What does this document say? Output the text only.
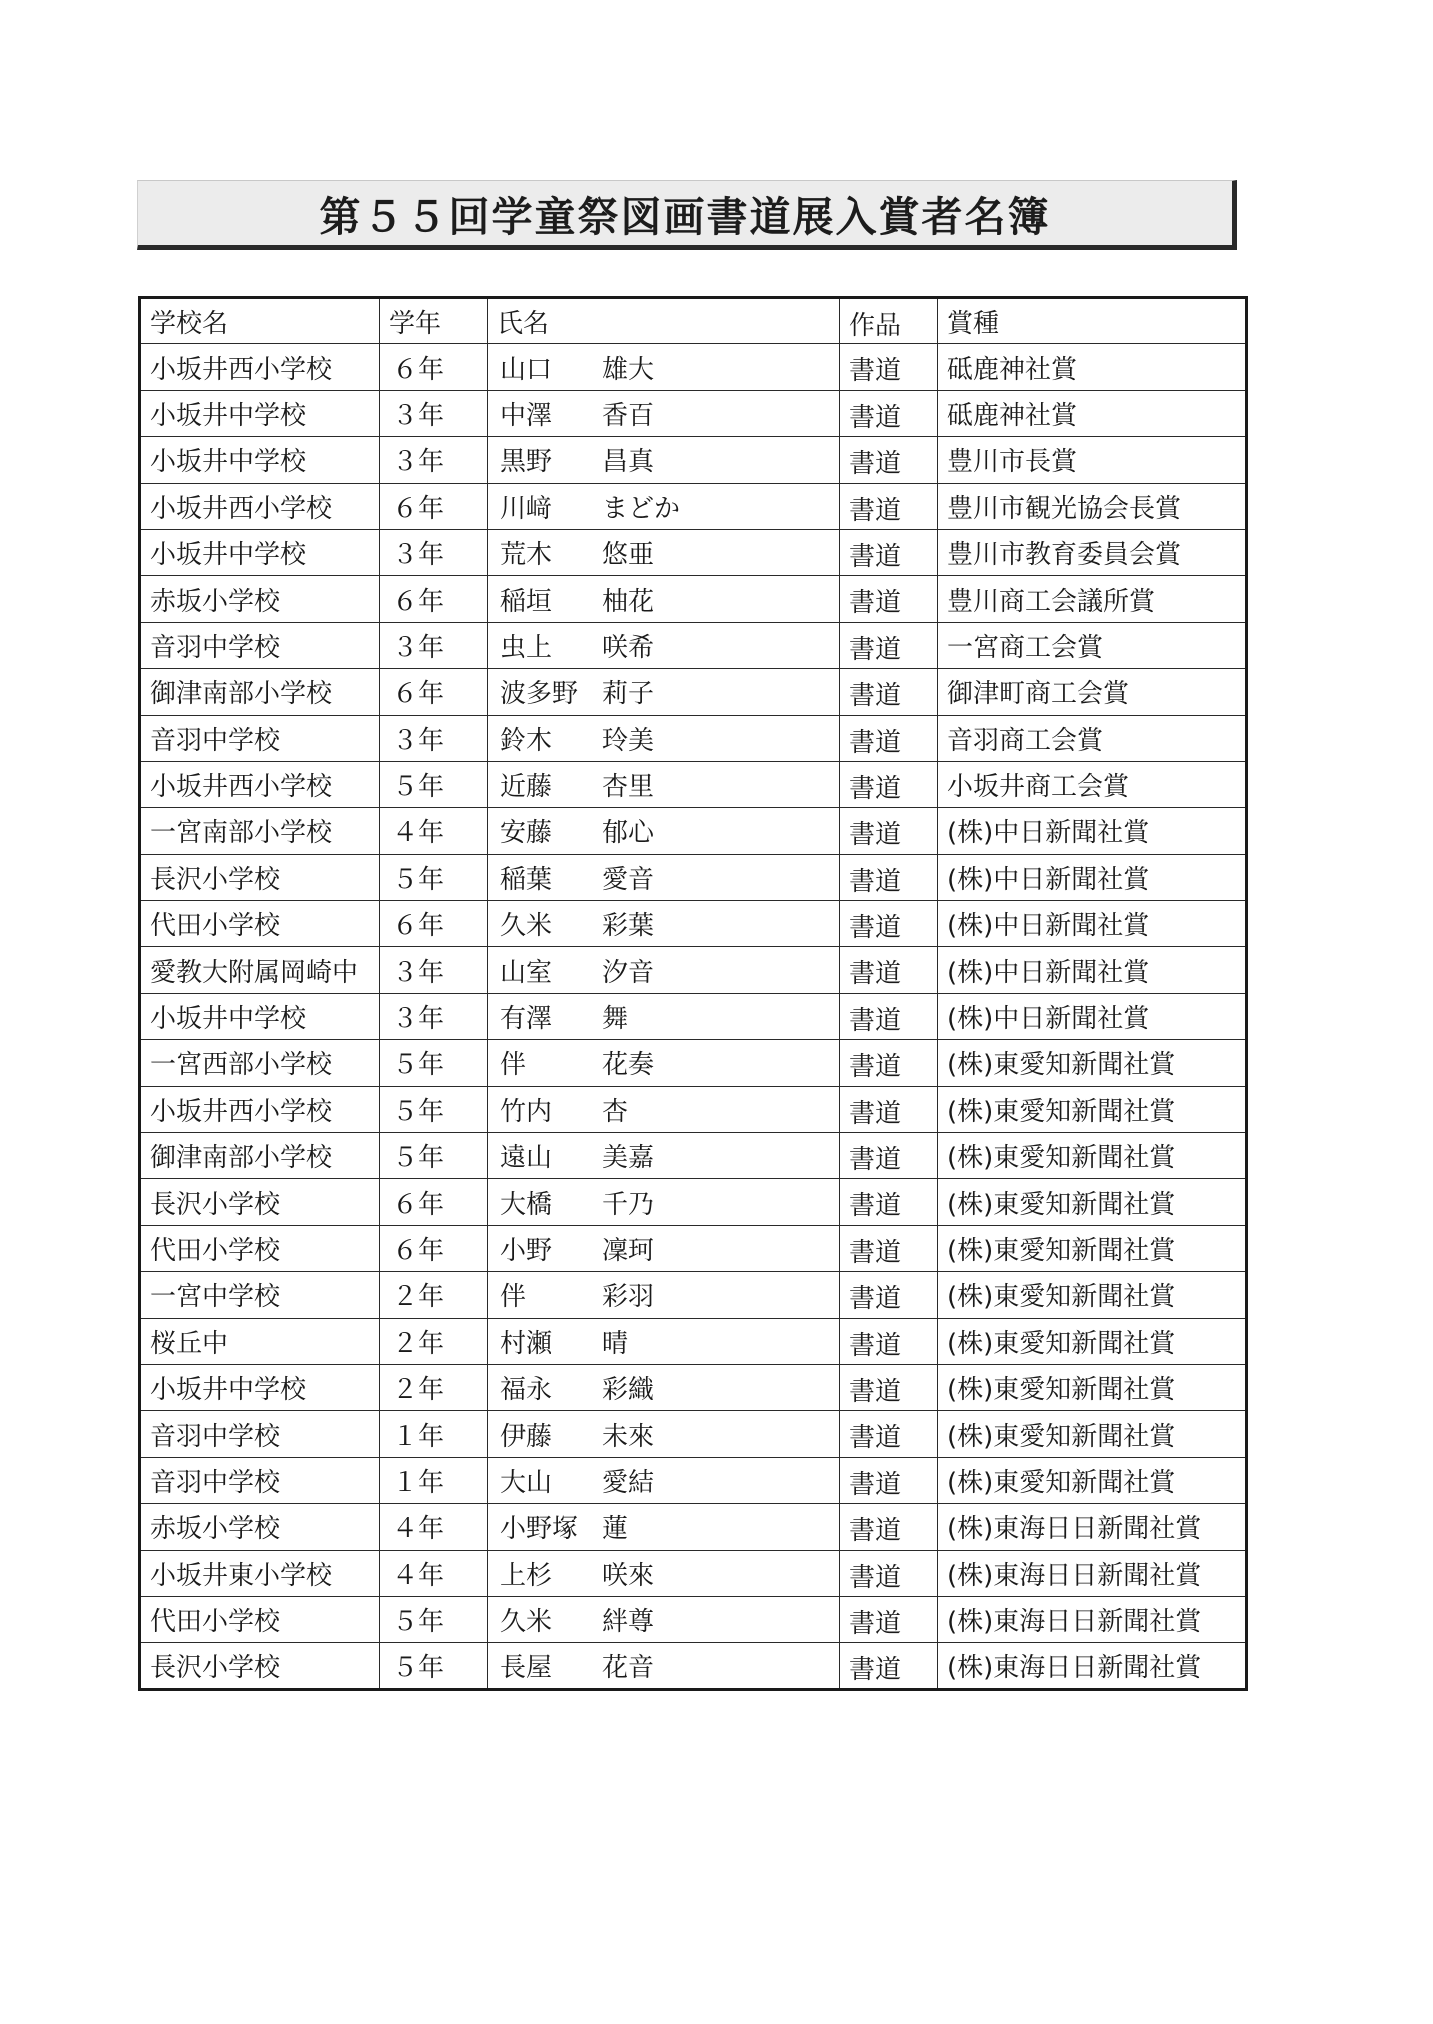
第５５回学童祭図画書道展入賞者名簿
学校名	学年	氏名	作品	賞種
小坂井西小学校	６年	山口 雄大	書道	砥鹿神社賞
小坂井中学校	３年	中澤 香百	書道	砥鹿神社賞
小坂井中学校	３年	黒野 昌真	書道	豊川市長賞
小坂井西小学校	６年	川﨑 まどか	書道	豊川市観光協会長賞
小坂井中学校	３年	荒木 悠亜	書道	豊川市教育委員会賞
赤坂小学校	６年	稲垣 柚花	書道	豊川商工会議所賞
音羽中学校	３年	虫上 咲希	書道	一宮商工会賞
御津南部小学校	６年	波多野 莉子	書道	御津町商工会賞
音羽中学校	３年	鈴木 玲美	書道	音羽商工会賞
小坂井西小学校	５年	近藤 杏里	書道	小坂井商工会賞
一宮南部小学校	４年	安藤 郁心	書道	(株)中日新聞社賞
長沢小学校	５年	稲葉 愛音	書道	(株)中日新聞社賞
代田小学校	６年	久米 彩葉	書道	(株)中日新聞社賞
愛教大附属岡崎中	３年	山室 汐音	書道	(株)中日新聞社賞
小坂井中学校	３年	有澤 舞	書道	(株)中日新聞社賞
一宮西部小学校	５年	伴 花奏	書道	(株)東愛知新聞社賞
小坂井西小学校	５年	竹内 杏	書道	(株)東愛知新聞社賞
御津南部小学校	５年	遠山 美嘉	書道	(株)東愛知新聞社賞
長沢小学校	６年	大橋 千乃	書道	(株)東愛知新聞社賞
代田小学校	６年	小野 凜珂	書道	(株)東愛知新聞社賞
一宮中学校	２年	伴 彩羽	書道	(株)東愛知新聞社賞
桜丘中	２年	村瀬 晴	書道	(株)東愛知新聞社賞
小坂井中学校	２年	福永 彩織	書道	(株)東愛知新聞社賞
音羽中学校	１年	伊藤 未來	書道	(株)東愛知新聞社賞
音羽中学校	１年	大山 愛結	書道	(株)東愛知新聞社賞
赤坂小学校	４年	小野塚 蓮	書道	(株)東海日日新聞社賞
小坂井東小学校	４年	上杉 咲來	書道	(株)東海日日新聞社賞
代田小学校	５年	久米 絆尊	書道	(株)東海日日新聞社賞
長沢小学校	５年	長屋 花音	書道	(株)東海日日新聞社賞
